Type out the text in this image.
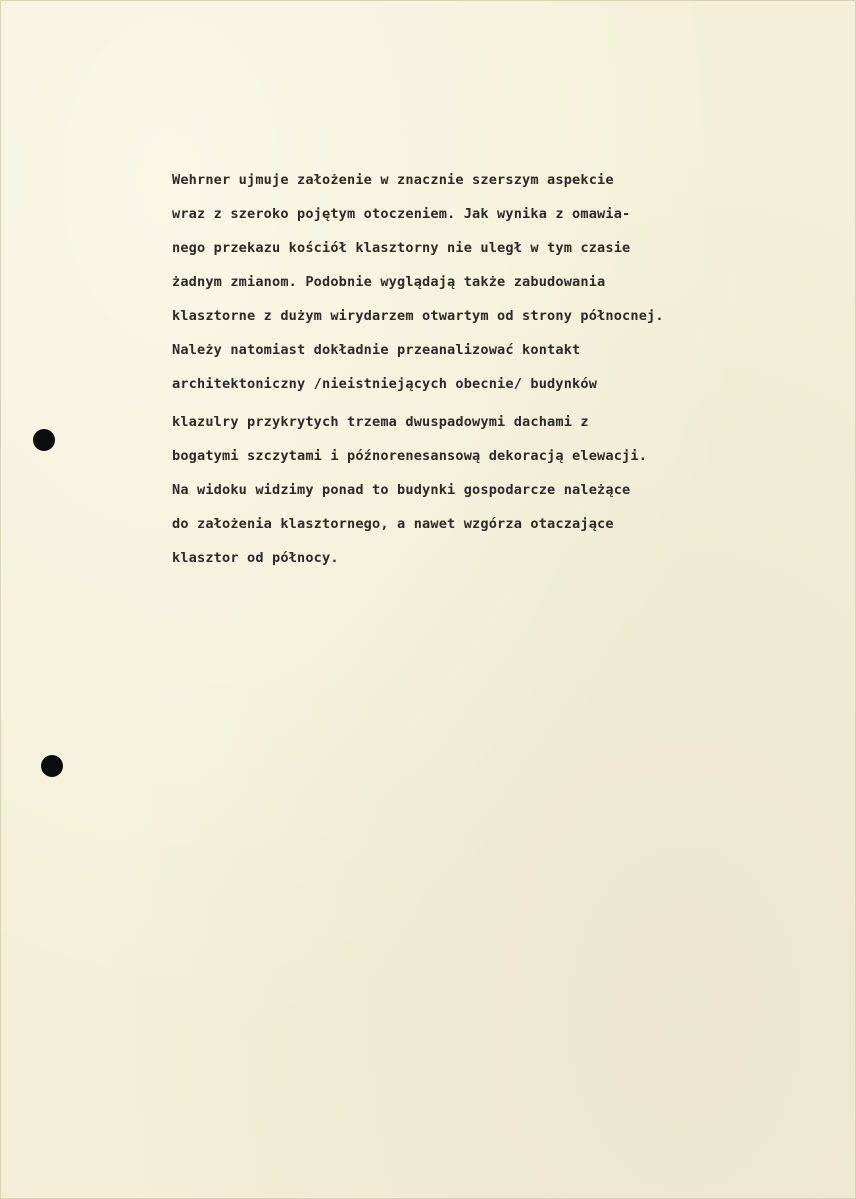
Wehrner ujmuje założenie w znacznie szerszym aspekcie
wraz z szeroko pojętym otoczeniem. Jak wynika z omawia-
nego przekazu kościół klasztorny nie uległ w tym czasie
żadnym zmianom. Podobnie wyglądają także zabudowania
klasztorne z dużym wirydarzem otwartym od strony północnej.
Należy natomiast dokładnie przeanalizować kontakt
architektoniczny /nieistniejących obecnie/ budynków
klazulry przykrytych trzema dwuspadowymi dachami z
bogatymi szczytami i późnorenesansową dekoracją elewacji.
Na widoku widzimy ponad to budynki gospodarcze należące
do założenia klasztornego, a nawet wzgórza otaczające
klasztor od północy.
